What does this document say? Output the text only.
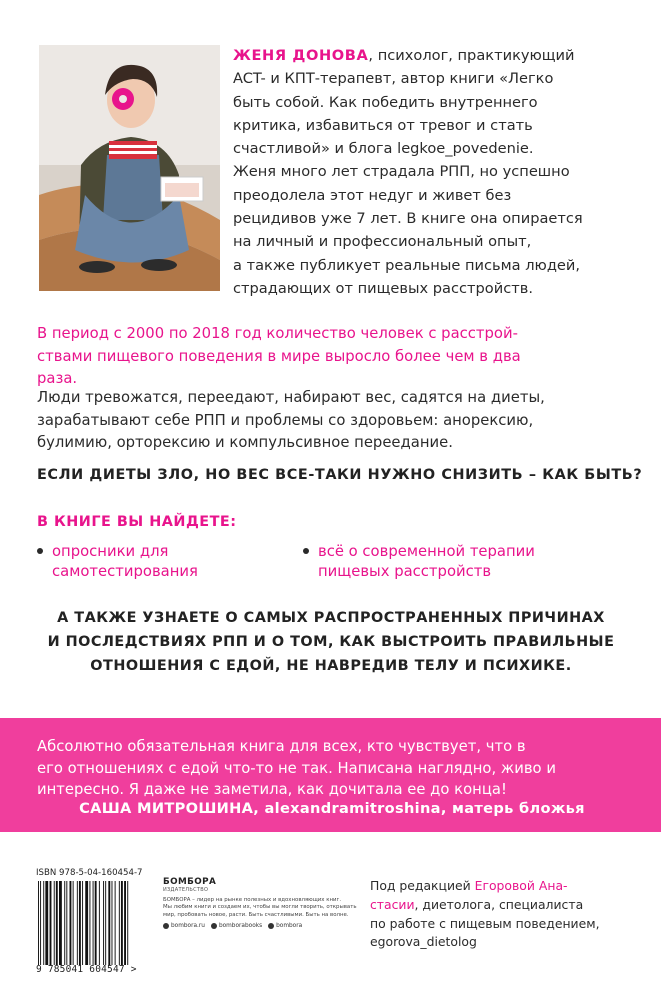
ЖЕНЯ ДОНОВА, психолог, практикующий

ACT- и КПТ-терапевт, автор книги «Легко

быть собой. Как победить внутреннего

критика, избавиться от тревог и стать

счастливой» и блога legkoe_povedenie.

Женя много лет страдала РПП, но успешно

преодолела этот недуг и живет без

рецидивов уже 7 лет. В книге она опирается

на личный и профессиональный опыт,

а также публикует реальные письма людей,

страдающих от пищевых расстройств.

В период с 2000 по 2018 год количество человек с расстрой-
ствами пищевого поведения в мире выросло более чем в два
раза.
Люди тревожатся, переедают, набирают вес, садятся на диеты,
зарабатывают себе РПП и проблемы со здоровьем: анорексию,
булимию, орторексию и компульсивное переедание.
ЕСЛИ ДИЕТЫ ЗЛО, НО ВЕС ВСЕ-ТАКИ НУЖНО СНИЗИТЬ – КАК БЫТЬ?
В КНИГЕ ВЫ НАЙДЕТЕ:
опросники для
самотестирования
всё о современной терапии
пищевых расстройств
А ТАКЖЕ УЗНАЕТЕ О САМЫХ РАСПРОСТРАНЕННЫХ ПРИЧИНАХ
И ПОСЛЕДСТВИЯХ РПП И О ТОМ, КАК ВЫСТРОИТЬ ПРАВИЛЬНЫЕ
ОТНОШЕНИЯ С ЕДОЙ, НЕ НАВРЕДИВ ТЕЛУ И ПСИХИКЕ.
Абсолютно обязательная книга для всех, кто чувствует, что в
его отношениях с едой что-то не так. Написана наглядно, живо и
интересно. Я даже не заметила, как дочитала ее до конца!
САША МИТРОШИНА, alexandramitroshina, матерь бложья
ISBN 978-5-04-160454-7
9 785041 604547 >
БОМБОРА
ИЗДАТЕЛЬСТВО
БОМБОРА – лидер на рынке полезных и вдохновляющих книг.
Мы любим книги и создаем их, чтобы вы могли творить, открывать
мир, пробовать новое, расти. Быть счастливыми. Быть на волне.
bombora.ru bomborabooks bombora
Под редакцией Егоровой Ана-
стасии, диетолога, специалиста
по работе с пищевым поведением,
egorova_dietolog
